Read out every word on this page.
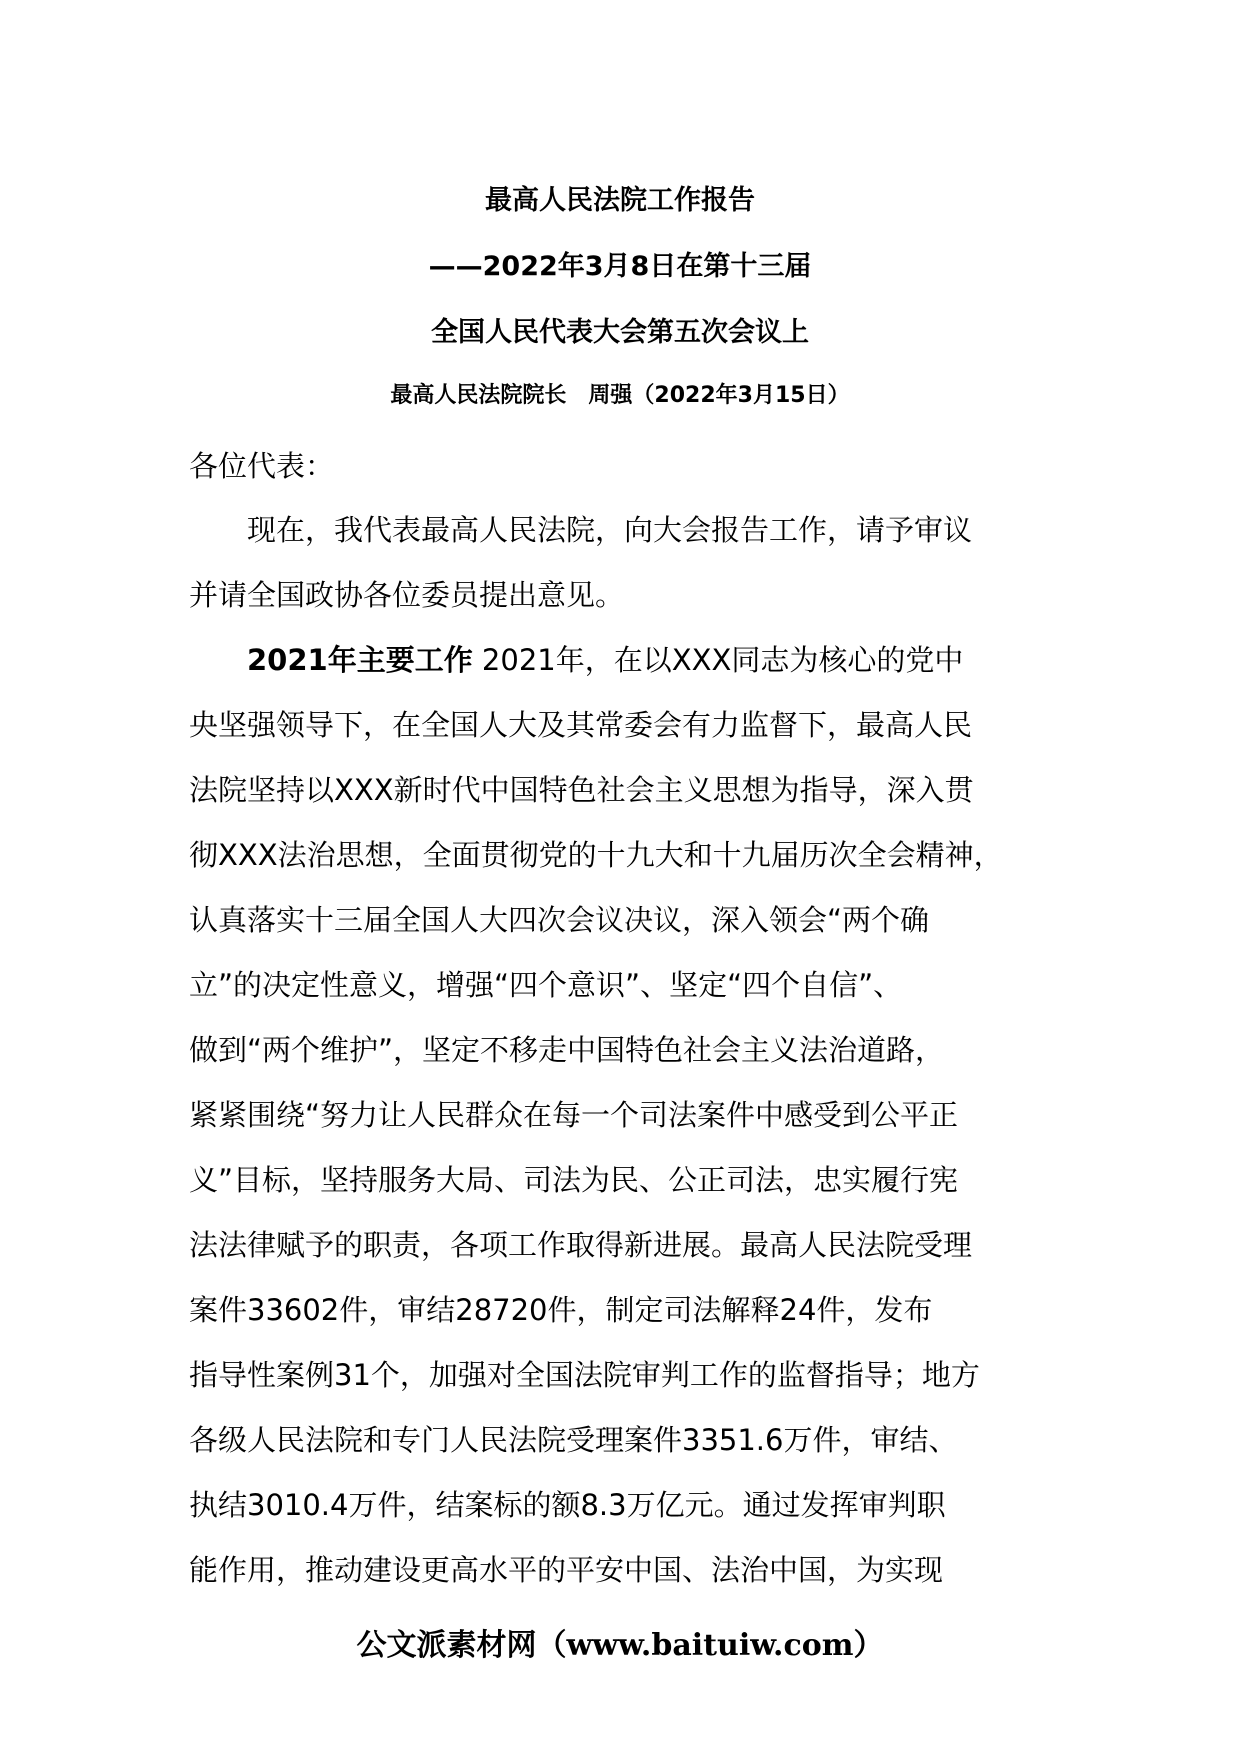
最高人民法院工作报告
——2022年3月8日在第十三届
全国人民代表大会第五次会议上
最高人民法院院长　周强（2022年3月15日）
各位代表：
现在，我代表最高人民法院，向大会报告工作，请予审议
并请全国政协各位委员提出意见。
2021年主要工作 2021年，在以XXX同志为核心的党中
央坚强领导下，在全国人大及其常委会有力监督下，最高人民
法院坚持以XXX新时代中国特色社会主义思想为指导，深入贯
彻XXX法治思想，全面贯彻党的十九大和十九届历次全会精神，
认真落实十三届全国人大四次会议决议，深入领会“两个确
立”的决定性意义，增强“四个意识”、坚定“四个自信”、
做到“两个维护”，坚定不移走中国特色社会主义法治道路，
紧紧围绕“努力让人民群众在每一个司法案件中感受到公平正
义”目标，坚持服务大局、司法为民、公正司法，忠实履行宪
法法律赋予的职责，各项工作取得新进展。最高人民法院受理
案件33602件，审结28720件，制定司法解释24件，发布
指导性案例31个，加强对全国法院审判工作的监督指导；地方
各级人民法院和专门人民法院受理案件3351.6万件，审结、
执结3010.4万件，结案标的额8.3万亿元。通过发挥审判职
能作用，推动建设更高水平的平安中国、法治中国，为实现
公文派素材网（www.baituiw.com）
